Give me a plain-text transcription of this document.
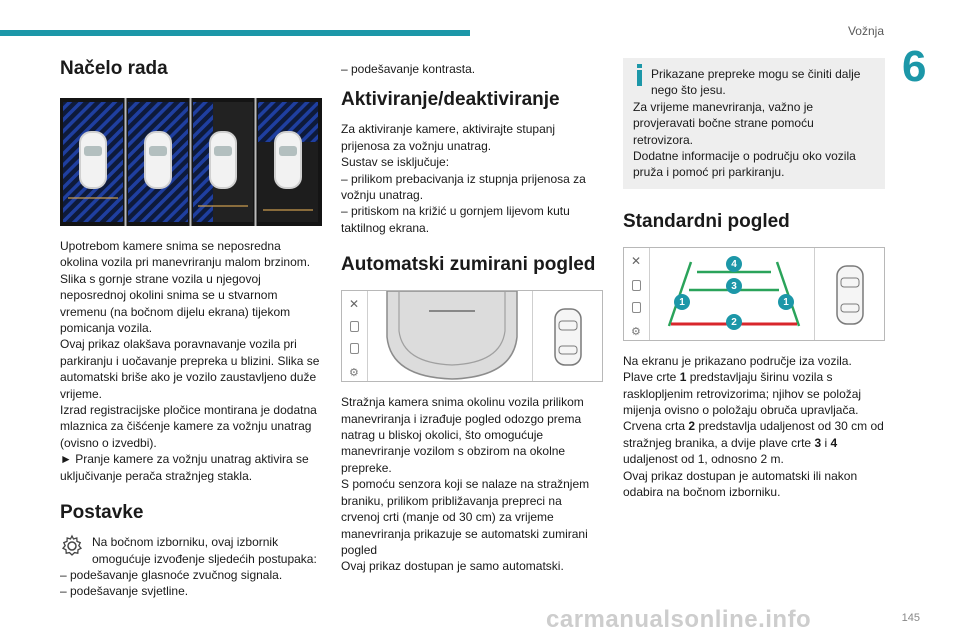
Vožnja
6
Načelo rada

Upotrebom kamere snima se neposredna okolina vozila pri manevriranju malom brzinom.

Slika s gornje strane vozila u njegovoj neposrednoj okolini snima se u stvarnom vremenu (na bočnom dijelu ekrana) tijekom pomicanja vozila.

Ovaj prikaz olakšava poravnavanje vozila pri parkiranju i uočavanje prepreka u blizini. Slika se automatski briše ako je vozilo zaustavljeno duže vrijeme.

Izrad registracijske pločice montirana je dodatna mlaznica za čišćenje kamere za vožnju unatrag (ovisno o izvedbi).

► Pranje kamere za vožnju unatrag aktivira se uključivanje perača stražnjeg stakla.

Postavke

Na bočnom izborniku, ovaj izbornik omogućuje izvođenje sljedećih postupaka:

– podešavanje glasnoće zvučnog signala.

– podešavanje svjetline.

– podešavanje kontrasta.

Aktiviranje/deaktiviranje

Za aktiviranje kamere, aktivirajte stupanj prijenosa za vožnju unatrag.

Sustav se isključuje:

– prilikom prebacivanja iz stupnja prijenosa za vožnju unatrag.

– pritiskom na križić u gornjem lijevom kutu taktilnog ekrana.

Automatski zumirani pogled
✕
⚙

Stražnja kamera snima okolinu vozila prilikom manevriranja i izrađuje pogled odozgo prema natrag u bliskoj okolici, što omogućuje manevriranje vozilom s obzirom na okolne prepreke.

S pomoću senzora koji se nalaze na stražnjem braniku, prilikom približavanja prepreci na crvenoj crti (manje od 30 cm) za vrijeme manevriranja prikazuje se automatski zumirani pogled

Ovaj prikaz dostupan je samo automatski.

Prikazane prepreke mogu se činiti dalje nego što jesu.

Za vrijeme manevriranja, važno je provjeravati bočne strane pomoću retrovizora.

Dodatne informacije o području oko vozila pruža i pomoć pri parkiranju.

Standardni pogled
✕
⚙
4
3
1	1
2

Na ekranu je prikazano područje iza vozila.

Plave crte 1 predstavljaju širinu vozila s rasklopljenim retrovizorima; njihov se položaj mijenja ovisno o položaju obruča upravljača.

Crvena crta 2 predstavlja udaljenost od 30 cm od stražnjeg branika, a dvije plave crte 3 i 4 udaljenost od 1, odnosno 2 m.

Ovaj prikaz dostupan je automatski ili nakon odabira na bočnom izborniku.

carmanualsonline.info	145
